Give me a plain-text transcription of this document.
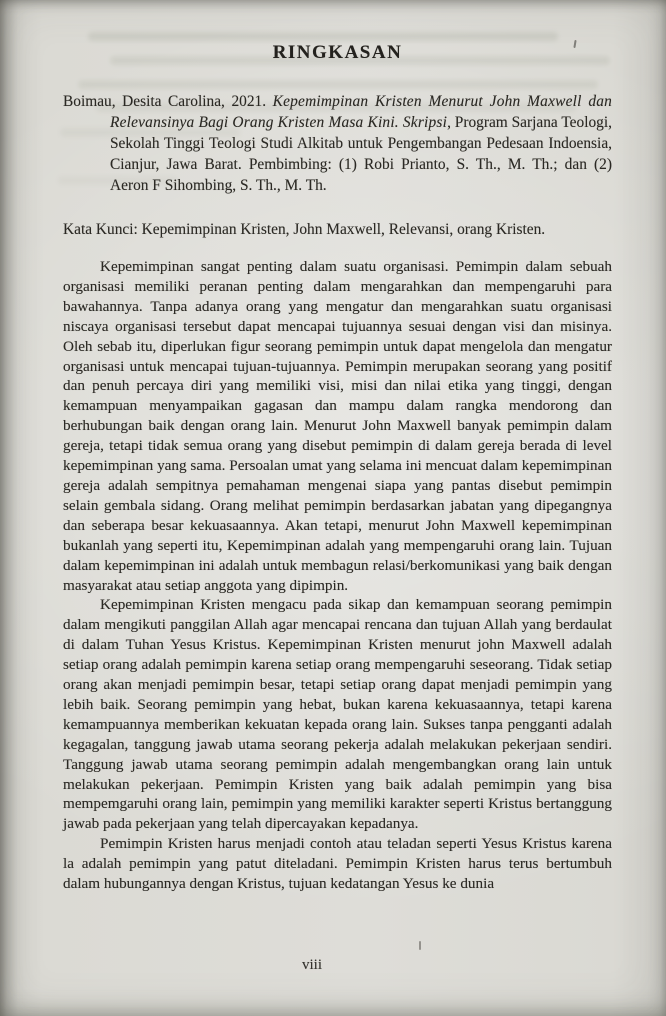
RINGKASAN

Boimau, Desita Carolina, 2021. Kepemimpinan Kristen Menurut John Maxwell dan Relevansinya Bagi Orang Kristen Masa Kini. Skripsi, Program Sarjana Teologi, Sekolah Tinggi Teologi Studi Alkitab untuk Pengembangan Pedesaan Indoensia, Cianjur, Jawa Barat. Pembimbing: (1) Robi Prianto, S. Th., M. Th.; dan (2) Aeron F Sihombing, S. Th., M. Th.

Kata Kunci: Kepemimpinan Kristen, John Maxwell, Relevansi, orang Kristen.

Kepemimpinan sangat penting dalam suatu organisasi. Pemimpin dalam sebuah organisasi memiliki peranan penting dalam mengarahkan dan mempengaruhi para bawahannya. Tanpa adanya orang yang mengatur dan mengarahkan suatu organisasi niscaya organisasi tersebut dapat mencapai tujuannya sesuai dengan visi dan misinya. Oleh sebab itu, diperlukan figur seorang pemimpin untuk dapat mengelola dan mengatur organisasi untuk mencapai tujuan-tujuannya. Pemimpin merupakan seorang yang positif dan penuh percaya diri yang memiliki visi, misi dan nilai etika yang tinggi, dengan kemampuan menyampaikan gagasan dan mampu dalam rangka mendorong dan berhubungan baik dengan orang lain. Menurut John Maxwell banyak pemimpin dalam gereja, tetapi tidak semua orang yang disebut pemimpin di dalam gereja berada di level kepemimpinan yang sama. Persoalan umat yang selama ini mencuat dalam kepemimpinan gereja adalah sempitnya pemahaman mengenai siapa yang pantas disebut pemimpin selain gembala sidang. Orang melihat pemimpin berdasarkan jabatan yang dipegangnya dan seberapa besar kekuasaannya. Akan tetapi, menurut John Maxwell kepemimpinan bukanlah yang seperti itu, Kepemimpinan adalah yang mempengaruhi orang lain. Tujuan dalam kepemimpinan ini adalah untuk membagun relasi/berkomunikasi yang baik dengan masyarakat atau setiap anggota yang dipimpin.

Kepemimpinan Kristen mengacu pada sikap dan kemampuan seorang pemimpin dalam mengikuti panggilan Allah agar mencapai rencana dan tujuan Allah yang berdaulat di dalam Tuhan Yesus Kristus. Kepemimpinan Kristen menurut john Maxwell adalah setiap orang adalah pemimpin karena setiap orang mempengaruhi seseorang. Tidak setiap orang akan menjadi pemimpin besar, tetapi setiap orang dapat menjadi pemimpin yang lebih baik. Seorang pemimpin yang hebat, bukan karena kekuasaannya, tetapi karena kemampuannya memberikan kekuatan kepada orang lain. Sukses tanpa pengganti adalah kegagalan, tanggung jawab utama seorang pekerja adalah melakukan pekerjaan sendiri. Tanggung jawab utama seorang pemimpin adalah mengembangkan orang lain untuk melakukan pekerjaan. Pemimpin Kristen yang baik adalah pemimpin yang bisa mempemgaruhi orang lain, pemimpin yang memiliki karakter seperti Kristus bertanggung jawab pada pekerjaan yang telah dipercayakan kepadanya.

Pemimpin Kristen harus menjadi contoh atau teladan seperti Yesus Kristus karena la adalah pemimpin yang patut diteladani. Pemimpin Kristen harus terus bertumbuh dalam hubungannya dengan Kristus, tujuan kedatangan Yesus ke dunia

viii
